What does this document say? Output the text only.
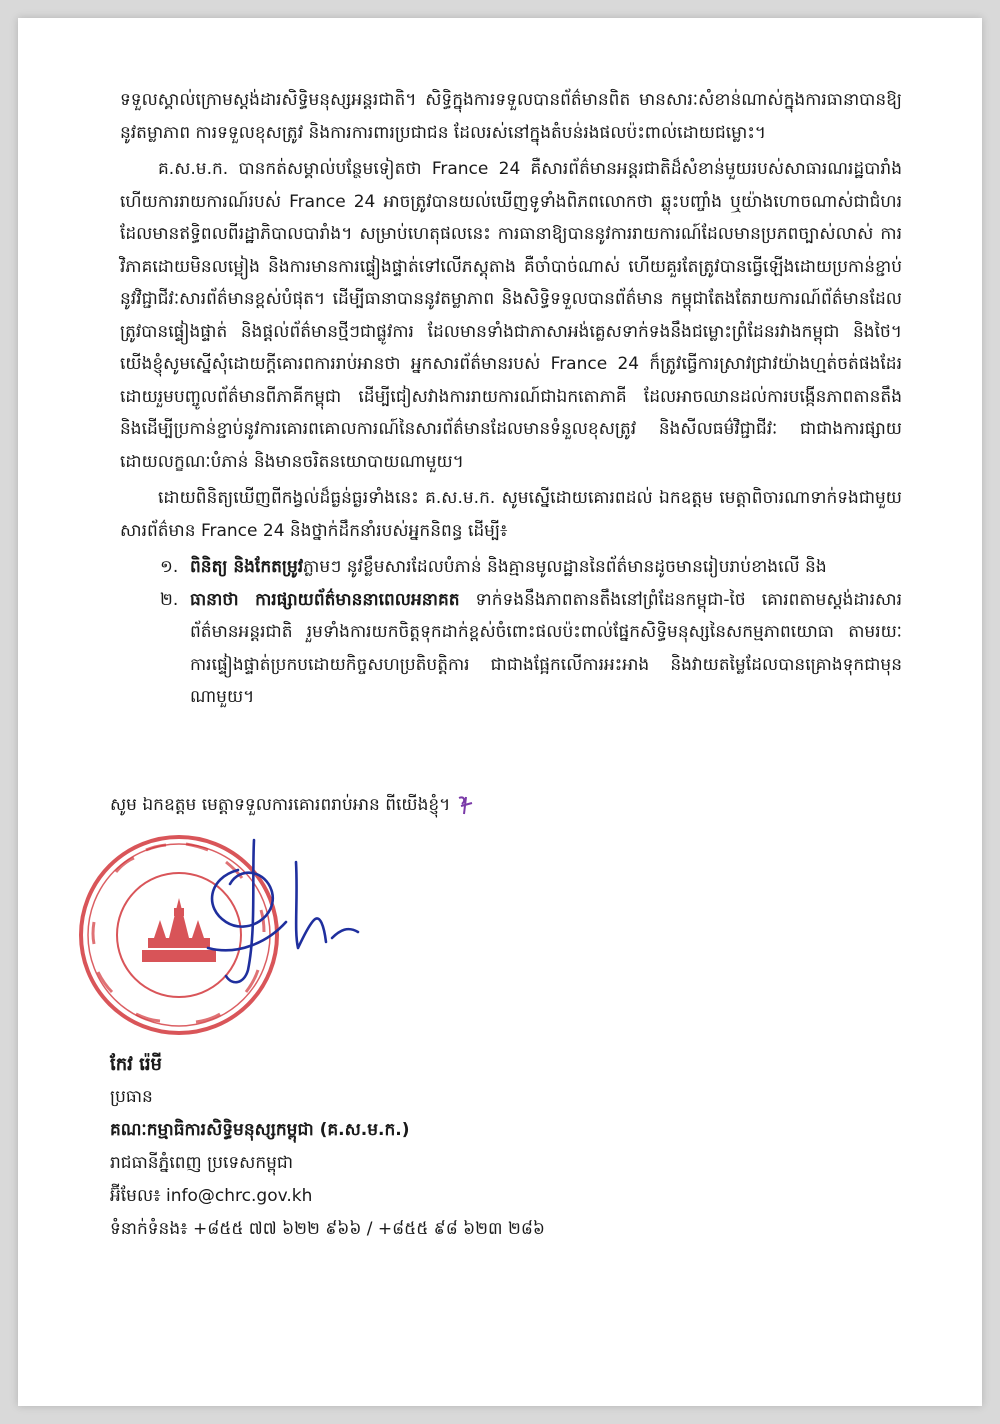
ទទួលស្គាល់ក្រោមស្តង់ដារសិទ្ធិមនុស្សអន្តរជាតិ។ សិទ្ធិក្នុងការទទួលបានព័ត៌មានពិត មានសារៈសំខាន់ណាស់ក្នុងការធានាបានឱ្យនូវតម្លាភាព ការទទួលខុសត្រូវ និងការការពារប្រជាជន ដែលរស់នៅក្នុងតំបន់រងផលប៉ះពាល់ដោយជម្លោះ។

គ.ស.ម.ក. បានកត់សម្គាល់បន្ថែមទៀតថា France 24 គឺសារព័ត៌មានអន្តរជាតិដ៏សំខាន់មួយរបស់សាធារណរដ្ឋបារាំង ហើយការរាយការណ៍របស់ France 24 អាចត្រូវបានយល់ឃើញទូទាំងពិភពលោកថា ឆ្លុះបញ្ចាំង ឬយ៉ាងហោចណាស់ជាជំហរដែលមានឥទ្ធិពលពីរដ្ឋាភិបាលបារាំង។ សម្រាប់ហេតុផលនេះ ការធានាឱ្យបាននូវការរាយការណ៍ដែលមានប្រភពច្បាស់លាស់ ការវិភាគដោយមិនលម្អៀង និងការមានការផ្ទៀងផ្ទាត់ទៅលើភស្តុតាង គឺចាំបាច់ណាស់ ហើយគួរតែត្រូវបានធ្វើឡើងដោយប្រកាន់ខ្ជាប់នូវវិជ្ជាជីវៈសារព័ត៌មានខ្ពស់បំផុត។ ដើម្បីធានាបាននូវតម្លាភាព និងសិទ្ធិទទួលបានព័ត៌មាន កម្ពុជាតែងតែរាយការណ៍ព័ត៌មានដែលត្រូវបានផ្ទៀងផ្ទាត់ និងផ្តល់ព័ត៌មានថ្មីៗជាផ្លូវការ ដែលមានទាំងជាភាសាអង់គ្លេសទាក់ទងនឹងជម្លោះព្រំដែនរវាងកម្ពុជា និងថៃ។ យើងខ្ញុំសូមស្នើសុំដោយក្តីគោរពការរាប់អានថា អ្នកសារព័ត៌មានរបស់ France 24 ក៏ត្រូវធ្វើការស្រាវជ្រាវយ៉ាងហ្មត់ចត់ផងដែរ ដោយរួមបញ្ចូលព័ត៌មានពីភាគីកម្ពុជា ដើម្បីជៀសវាងការរាយការណ៍ជាឯកតោភាគី ដែលអាចឈានដល់ការបង្កើនភាពតានតឹង និងដើម្បីប្រកាន់ខ្ជាប់នូវការគោរពគោលការណ៍នៃសារព័ត៌មានដែលមានទំនួលខុសត្រូវ និងសីលធម៌វិជ្ជាជីវៈ ជាជាងការផ្សាយដោយលក្ខណៈបំភាន់ និងមានចរិតនយោបាយណាមួយ។

ដោយពិនិត្យឃើញពីកង្វល់ដ៏ធ្ងន់ធ្ងរទាំងនេះ គ.ស.ម.ក. សូមស្នើដោយគោរពដល់ ឯកឧត្តម មេត្តាពិចារណាទាក់ទងជាមួយសារព័ត៌មាន France 24 និងថ្នាក់ដឹកនាំរបស់អ្នកនិពន្ធ ដើម្បី៖

១. ពិនិត្យ និងកែតម្រូវភ្លាមៗ នូវខ្លឹមសារដែលបំភាន់ និងគ្មានមូលដ្ឋាននៃព័ត៌មានដូចមានរៀបរាប់ខាងលើ និង
២. ធានាថា ការផ្សាយព័ត៌មាននាពេលអនាគត ទាក់ទងនឹងភាពតានតឹងនៅព្រំដែនកម្ពុជា-ថៃ គោរពតាមស្តង់ដារសារព័ត៌មានអន្តរជាតិ រួមទាំងការយកចិត្តទុកដាក់ខ្ពស់ចំពោះផលប៉ះពាល់ផ្នែកសិទ្ធិមនុស្សនៃសកម្មភាពយោធា តាមរយៈការផ្ទៀងផ្ទាត់ប្រកបដោយកិច្ចសហប្រតិបត្តិការ ជាជាងផ្អែកលើការអះអាង និងវាយតម្លៃដែលបានគ្រោងទុកជាមុនណាមួយ។
សូម ឯកឧត្តម មេត្តាទទួលការគោរពរាប់អាន ពីយើងខ្ញុំ។
កែវ រ៉េមី
ប្រធាន
គណៈកម្មាធិការសិទ្ធិមនុស្សកម្ពុជា (គ.ស.ម.ក.)
រាជធានីភ្នំពេញ ប្រទេសកម្ពុជា
អ៊ីមែល៖ info@chrc.gov.kh
ទំនាក់ទំនង៖ +៨៥៥ ៧៧ ៦២២ ៩៦៦ / +៨៥៥ ៩៨ ៦២៣ ២៨៦
